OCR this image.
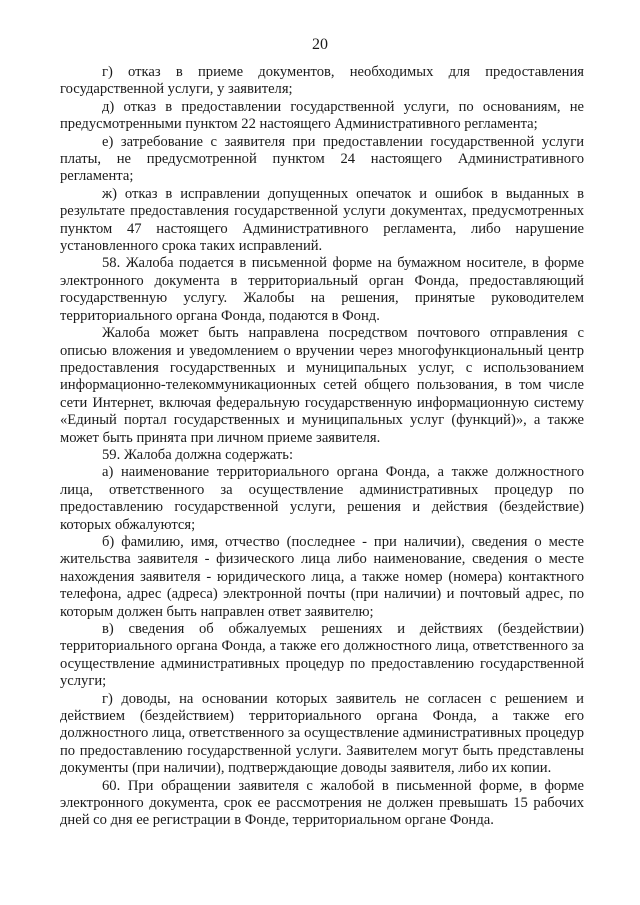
20

г) отказ в приеме документов, необходимых для предоставления государственной услуги, у заявителя;

д) отказ в предоставлении государственной услуги, по основаниям, не предусмотренными пунктом 22 настоящего Административного регламента;

е) затребование с заявителя при предоставлении государственной услуги платы, не предусмотренной пунктом 24 настоящего Административного регламента;

ж) отказ в исправлении допущенных опечаток и ошибок в выданных в результате предоставления государственной услуги документах, предусмотренных пунктом 47 настоящего Административного регламента, либо нарушение установленного срока таких исправлений.

58. Жалоба подается в письменной форме на бумажном носителе, в форме электронного документа в территориальный орган Фонда, предоставляющий государственную услугу. Жалобы на решения, принятые руководителем территориального органа Фонда, подаются в Фонд.

Жалоба может быть направлена посредством почтового отправления с описью вложения и уведомлением о вручении через многофункциональный центр предоставления государственных и муниципальных услуг, с использованием информационно-телекоммуникационных сетей общего пользования, в том числе сети Интернет, включая федеральную государственную информационную систему «Единый портал государственных и муниципальных услуг (функций)», а также может быть принята при личном приеме заявителя.

59. Жалоба должна содержать:

а) наименование территориального органа Фонда, а также должностного лица, ответственного за осуществление административных процедур по предоставлению государственной услуги, решения и действия (бездействие) которых обжалуются;

б) фамилию, имя, отчество (последнее - при наличии), сведения о месте жительства заявителя - физического лица либо наименование, сведения о месте нахождения заявителя - юридического лица, а также номер (номера) контактного телефона, адрес (адреса) электронной почты (при наличии) и почтовый адрес, по которым должен быть направлен ответ заявителю;

в) сведения об обжалуемых решениях и действиях (бездействии) территориального органа Фонда, а также его должностного лица, ответственного за осуществление административных процедур по предоставлению государственной услуги;

г) доводы, на основании которых заявитель не согласен с решением и действием (бездействием) территориального органа Фонда, а также его должностного лица, ответственного за осуществление административных процедур по предоставлению государственной услуги. Заявителем могут быть представлены документы (при наличии), подтверждающие доводы заявителя, либо их копии.

60. При обращении заявителя с жалобой в письменной форме, в форме электронного документа, срок ее рассмотрения не должен превышать 15 рабочих дней со дня ее регистрации в Фонде, территориальном органе Фонда.
